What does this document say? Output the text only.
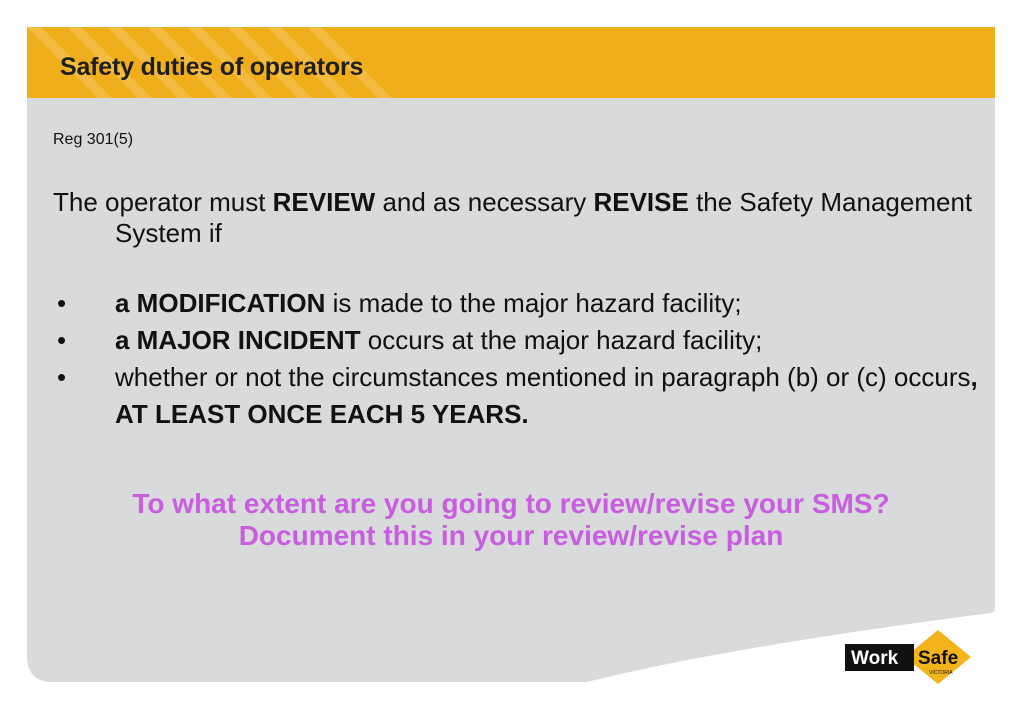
Safety duties of operators
Reg 301(5)

The operator must REVIEW and as necessary REVISE the Safety Management System if

• a MODIFICATION is made to the major hazard facility;
• a MAJOR INCIDENT occurs at the major hazard facility;
• whether or not the circumstances mentioned in paragraph (b) or (c) occurs, AT LEAST ONCE EACH 5 YEARS.
To what extent are you going to review/revise your SMS?
Document this in your review/revise plan
Work Safe
VICTORIA
